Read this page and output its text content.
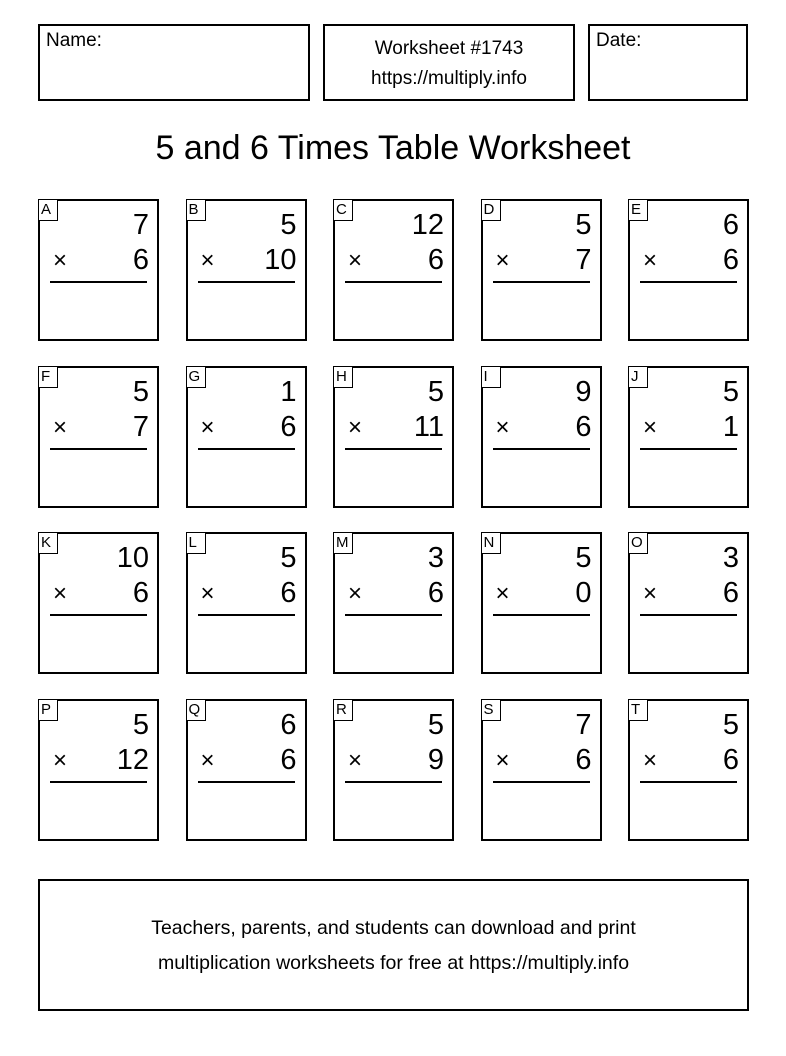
Name:	Worksheet #1743
https://multiply.info
Date:
5 and 6 Times Table Worksheet
A	7
× 6
B	5
× 10
C 12
× 6
D	5
× 7
E	6
× 6
F	5
× 7
G	1
× 6
H	5
× 11
I	9
× 6
J	5
× 1
K 10
× 6
L	5
× 6
M	3
× 6
N	5
× 0
O	3
× 6
P	5
× 12
Q	6
× 6
R	5
× 9
S	7
× 6
T	5
× 6
Teachers, parents, and students can download and print
multiplication worksheets for free at https://multiply.info
